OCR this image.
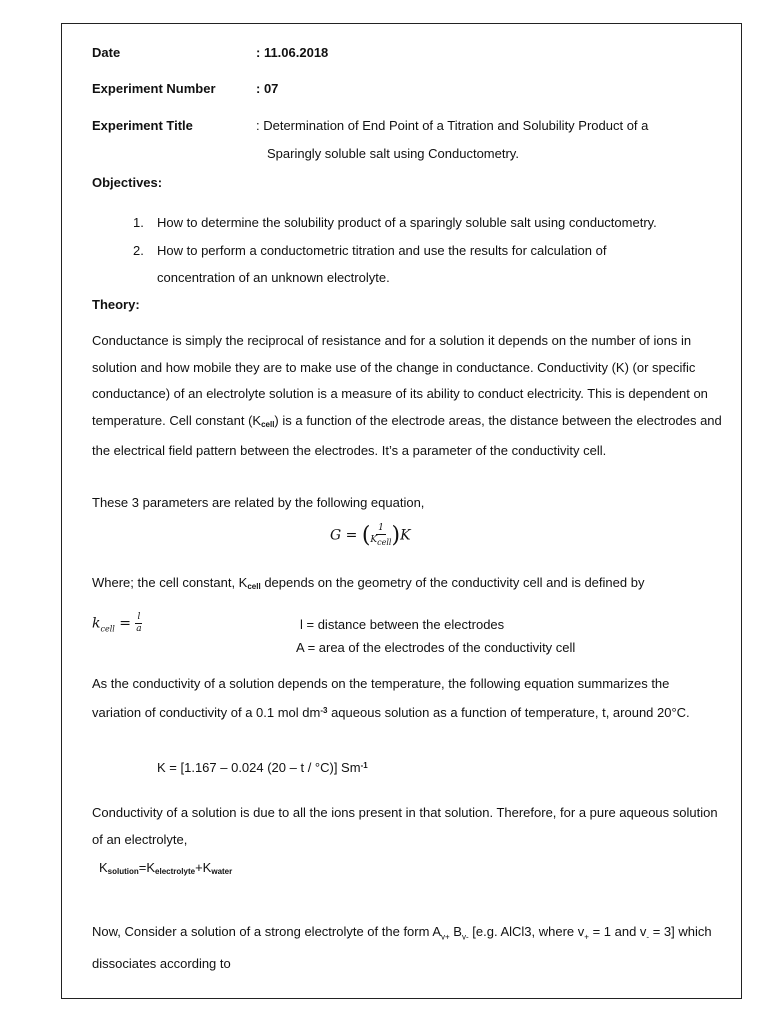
Date	: 11.06.2018
Experiment Number	: 07
Experiment Title	: Determination of End Point of a Titration and Solubility Product of a
Sparingly soluble salt using Conductometry.
Objectives:
1. How to determine the solubility product of a sparingly soluble salt using conductometry.
2. How to perform a conductometric titration and use the results for calculation of
concentration of an unknown electrolyte.
Theory:
Conductance is simply the reciprocal of resistance and for a solution it depends on the number of ions in solution and how mobile they are to make use of the change in conductance. Conductivity (K) (or specific conductance) of an electrolyte solution is a measure of its ability to conduct electricity. This is dependent on temperature. Cell constant (Kcell) is a function of the electrode areas, the distance between the electrodes and the electrical field pattern between the electrodes. It’s a parameter of the conductivity cell.
These 3 parameters are related by the following equation,
G = ( $\frac{1}{K_{cell}} )K$
Where; the cell constant, Kcell depends on the geometry of the conductivity cell and is defined by
$k_{cell} = \frac{l}{a}$	l = distance between the electrodes
A = area of the electrodes of the conductivity cell
As the conductivity of a solution depends on the temperature, the following equation summarizes the variation of conductivity of a 0.1 mol $dm^{-3}$ aqueous solution as a function of temperature, t, around 20°C.
K = [1.167 – 0.024 (20 – t / °C)] $Sm^{-1}$
Conductivity of a solution is due to all the ions present in that solution. Therefore, for a pure aqueous solution of an electrolyte,
Ksolution=Kelectrolyte+Kwater
Now, Consider a solution of a strong electrolyte of the form $A_{v+}$ $B_{v-}$ [e.g. AlCl3, where $v_+ = 1$ and $v_- = 3$] which dissociates according to
